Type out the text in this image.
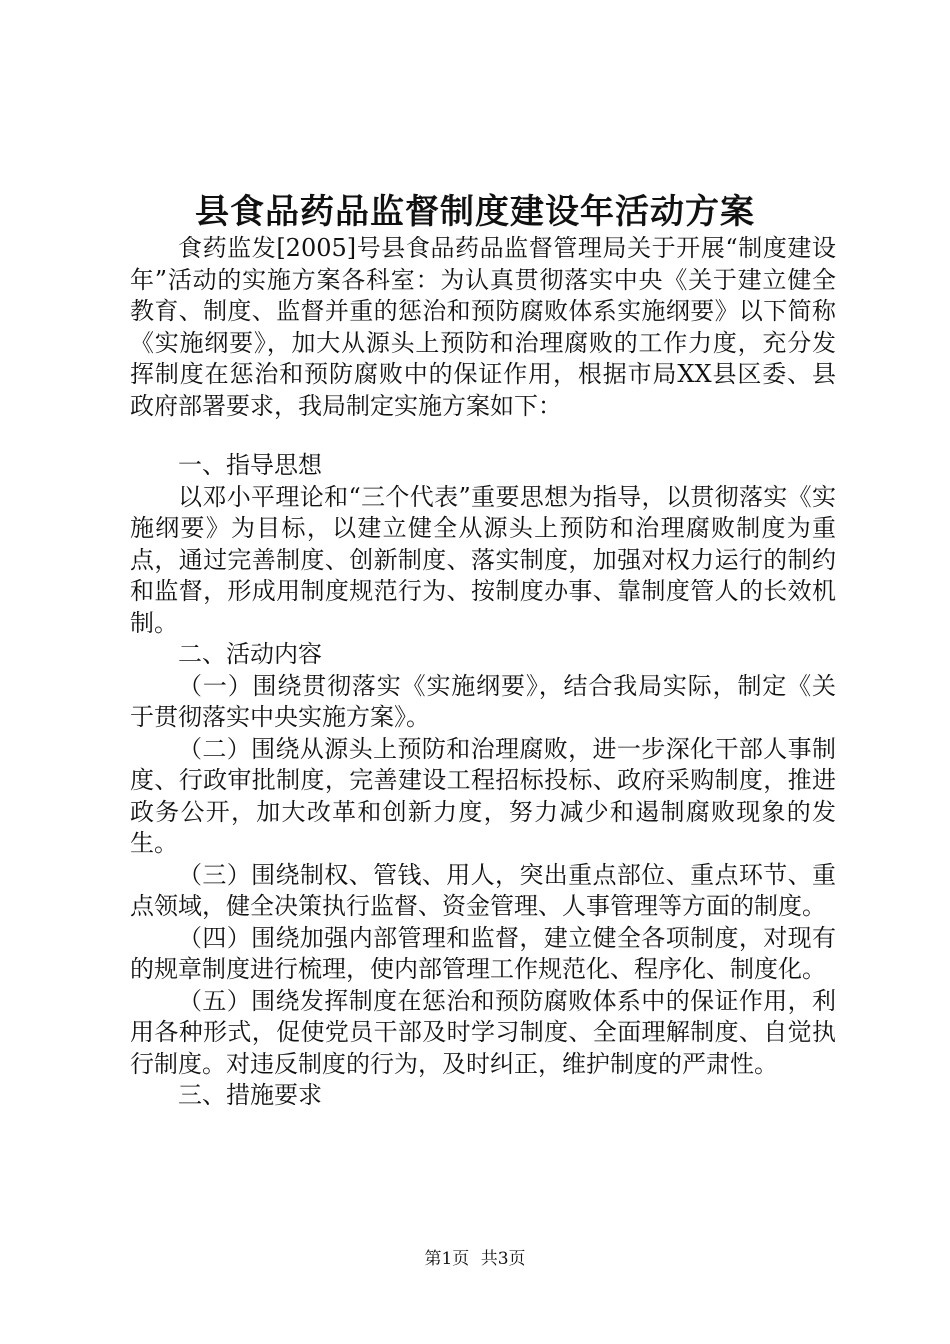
县食品药品监督制度建设年活动方案

食药监发[2005]号县食品药品监督管理局关于开展“制度建设年”活动的实施方案各科室：为认真贯彻落实中央《关于建立健全教育、制度、监督并重的惩治和预防腐败体系实施纲要》以下简称《实施纲要》，加大从源头上预防和治理腐败的工作力度，充分发挥制度在惩治和预防腐败中的保证作用，根据市局XX县区委、县政府部署要求，我局制定实施方案如下：

一、指导思想

以邓小平理论和“三个代表”重要思想为指导，以贯彻落实《实施纲要》为目标，以建立健全从源头上预防和治理腐败制度为重点，通过完善制度、创新制度、落实制度，加强对权力运行的制约和监督，形成用制度规范行为、按制度办事、靠制度管人的长效机制。

二、活动内容

（一）围绕贯彻落实《实施纲要》，结合我局实际，制定《关于贯彻落实中央实施方案》。

（二）围绕从源头上预防和治理腐败，进一步深化干部人事制度、行政审批制度，完善建设工程招标投标、政府采购制度，推进政务公开，加大改革和创新力度，努力减少和遏制腐败现象的发生。

（三）围绕制权、管钱、用人，突出重点部位、重点环节、重点领域，健全决策执行监督、资金管理、人事管理等方面的制度。

（四）围绕加强内部管理和监督，建立健全各项制度，对现有的规章制度进行梳理，使内部管理工作规范化、程序化、制度化。

（五）围绕发挥制度在惩治和预防腐败体系中的保证作用，利用各种形式，促使党员干部及时学习制度、全面理解制度、自觉执行制度。对违反制度的行为，及时纠正，维护制度的严肃性。

三、措施要求

第1页 共3页
